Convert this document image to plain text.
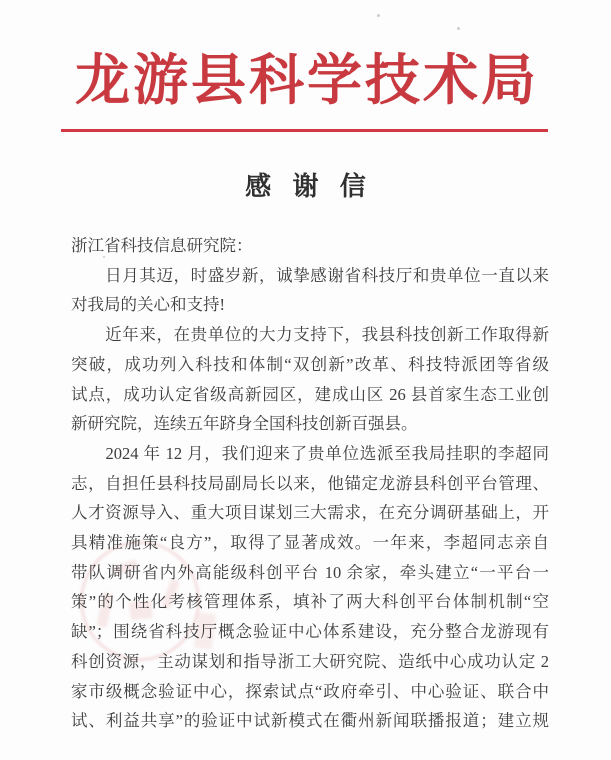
龙游县科学技术局
感谢信
浙江省科技信息研究院：
　　日月其迈，时盛岁新，诚挚感谢省科技厅和贵单位一直以来
对我局的关心和支持!
　　近年来，在贵单位的大力支持下，我县科技创新工作取得新
突破，成功列入科技和体制“双创新”改革、科技特派团等省级
试点，成功认定省级高新园区，建成山区 26 县首家生态工业创
新研究院，连续五年跻身全国科技创新百强县。
　　2024 年 12 月，我们迎来了贵单位选派至我局挂职的李超同
志，自担任县科技局副局长以来，他锚定龙游县科创平台管理、
人才资源导入、重大项目谋划三大需求，在充分调研基础上，开
具精准施策“良方”，取得了显著成效。一年来，李超同志亲自
带队调研省内外高能级科创平台 10 余家，牵头建立“一平台一
策”的个性化考核管理体系，填补了两大科创平台体制机制“空
缺”；围绕省科技厅概念验证中心体系建设，充分整合龙游现有
科创资源，主动谋划和指导浙工大研究院、造纸中心成功认定 2
家市级概念验证中心，探索试点“政府牵引、中心验证、联合中
试、利益共享”的验证中试新模式在衢州新闻联播报道；建立规
